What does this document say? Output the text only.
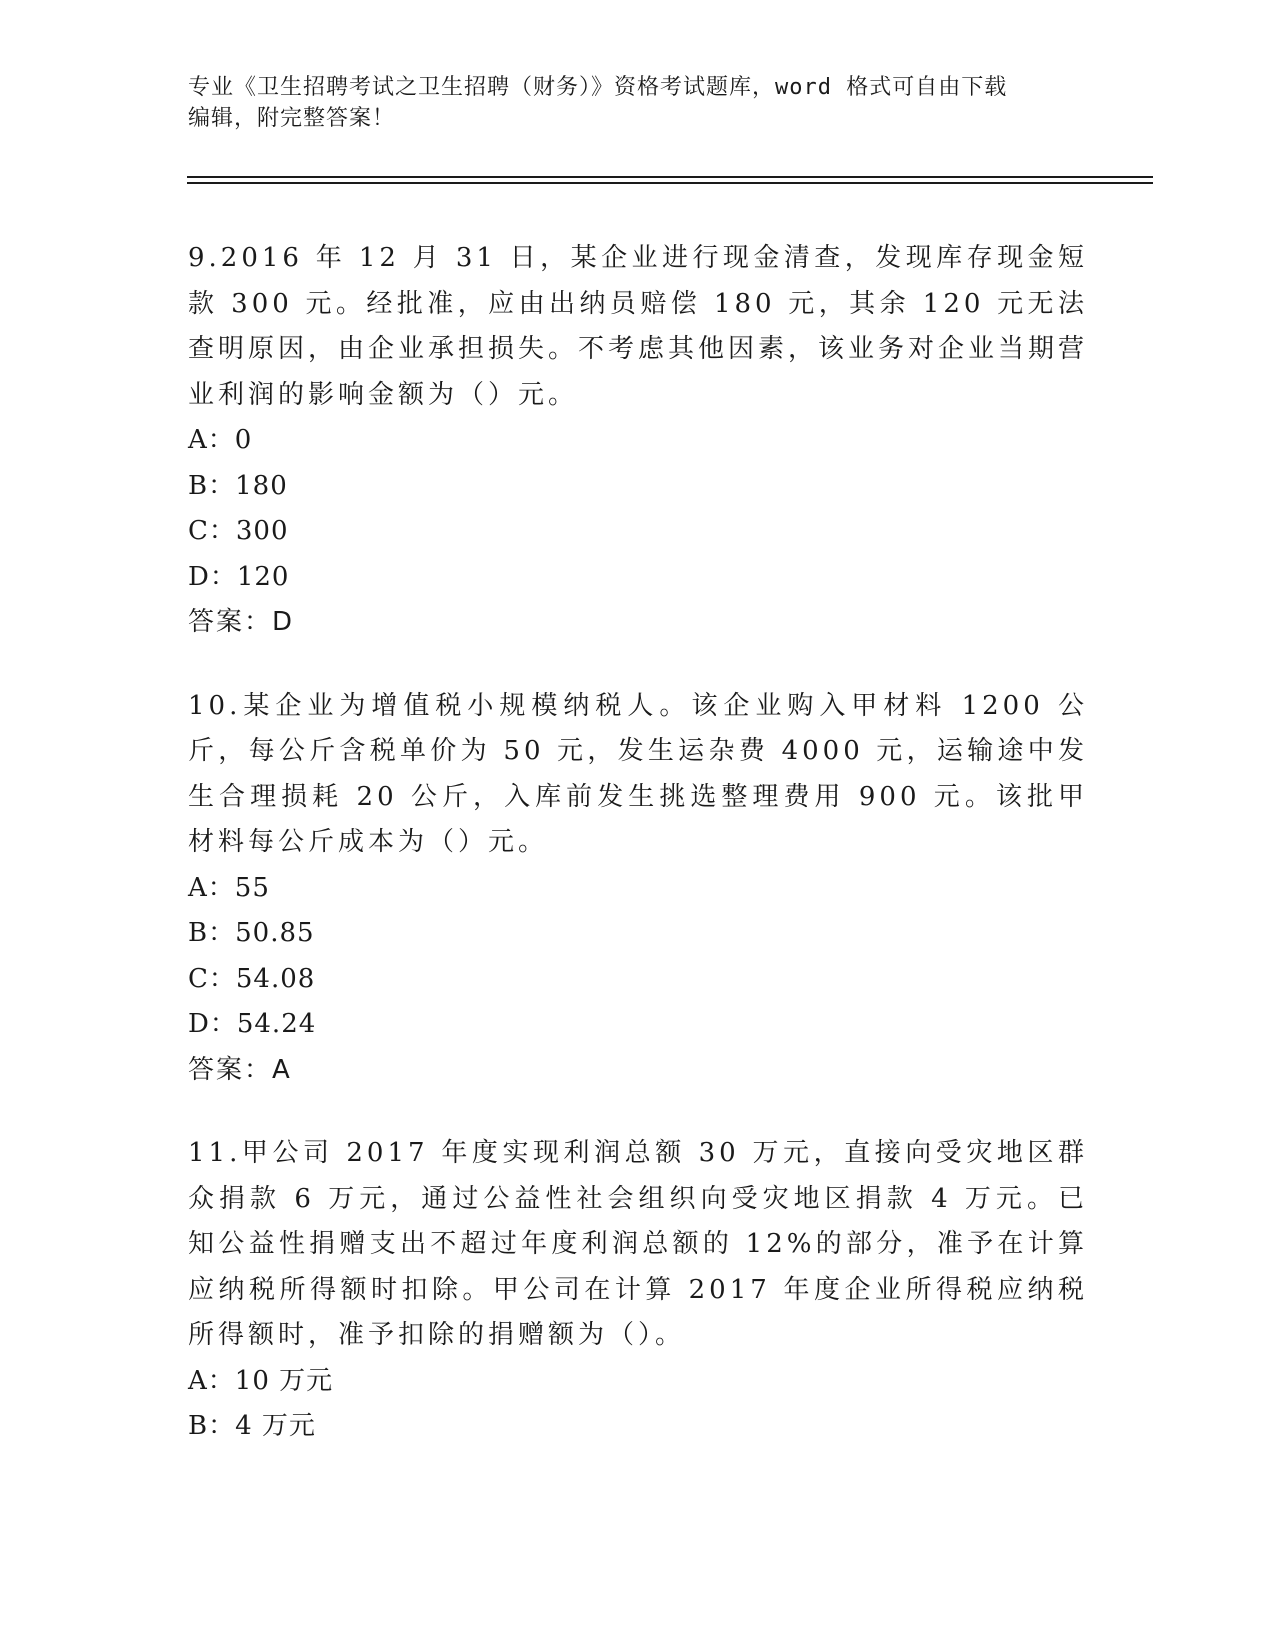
专业《卫生招聘考试之卫生招聘（财务）》资格考试题库，word 格式可自由下载
编辑，附完整答案！

9.2016 年 12 月 31 日，某企业进行现金清查，发现库存现金短款 300 元。经批准，应由出纳员赔偿 180 元，其余 120 元无法查明原因，由企业承担损失。不考虑其他因素，该业务对企业当期营业利润的影响金额为（）元。

A：0

B：180

C：300

D：120

答案：D

10.某企业为增值税小规模纳税人。该企业购入甲材料 1200 公斤，每公斤含税单价为 50 元，发生运杂费 4000 元，运输途中发生合理损耗 20 公斤，入库前发生挑选整理费用 900 元。该批甲材料每公斤成本为（）元。

A：55

B：50.85

C：54.08

D：54.24

答案：A

11.甲公司 2017 年度实现利润总额 30 万元，直接向受灾地区群众捐款 6 万元，通过公益性社会组织向受灾地区捐款 4 万元。已知公益性捐赠支出不超过年度利润总额的 12%的部分，准予在计算应纳税所得额时扣除。甲公司在计算 2017 年度企业所得税应纳税所得额时，准予扣除的捐赠额为（）。

A：10 万元

B：4 万元
